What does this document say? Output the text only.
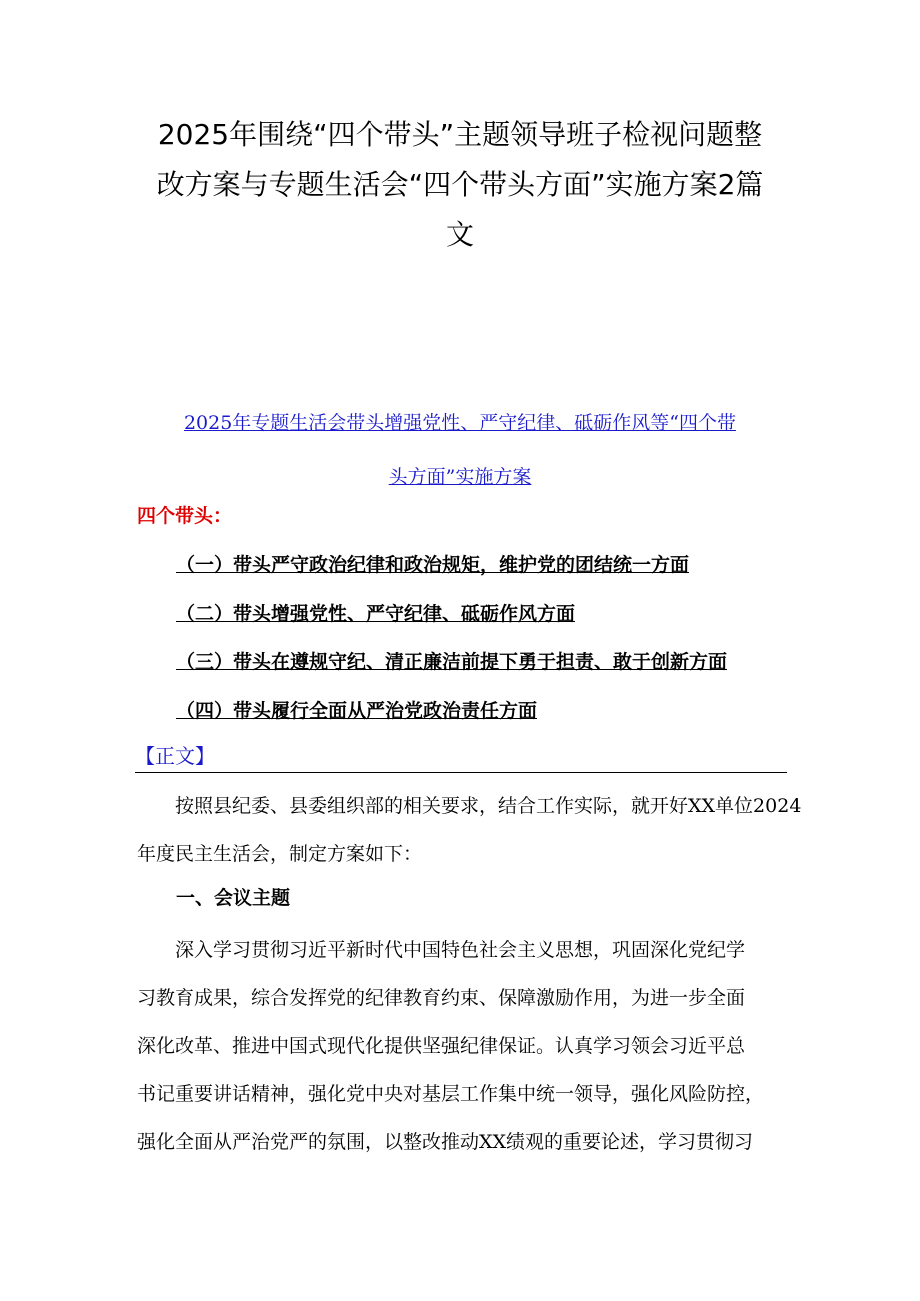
2025年围绕“四个带头”主题领导班子检视问题整
改方案与专题生活会“四个带头方面”实施方案2篇
文
2025年专题生活会带头增强党性、严守纪律、砥砺作风等“四个带
头方面”实施方案
四个带头：
（一）带头严守政治纪律和政治规矩，维护党的团结统一方面
（二）带头增强党性、严守纪律、砥砺作风方面
（三）带头在遵规守纪、清正廉洁前提下勇于担责、敢于创新方面
（四）带头履行全面从严治党政治责任方面
【正文】
　　按照县纪委、县委组织部的相关要求，结合工作实际，就开好XX单位2024
年度民主生活会，制定方案如下：
一、会议主题
　　深入学习贯彻习近平新时代中国特色社会主义思想，巩固深化党纪学
习教育成果，综合发挥党的纪律教育约束、保障激励作用，为进一步全面
深化改革、推进中国式现代化提供坚强纪律保证。认真学习领会习近平总
书记重要讲话精神，强化党中央对基层工作集中统一领导，强化风险防控，
强化全面从严治党严的氛围，以整改推动XX绩观的重要论述，学习贯彻习
